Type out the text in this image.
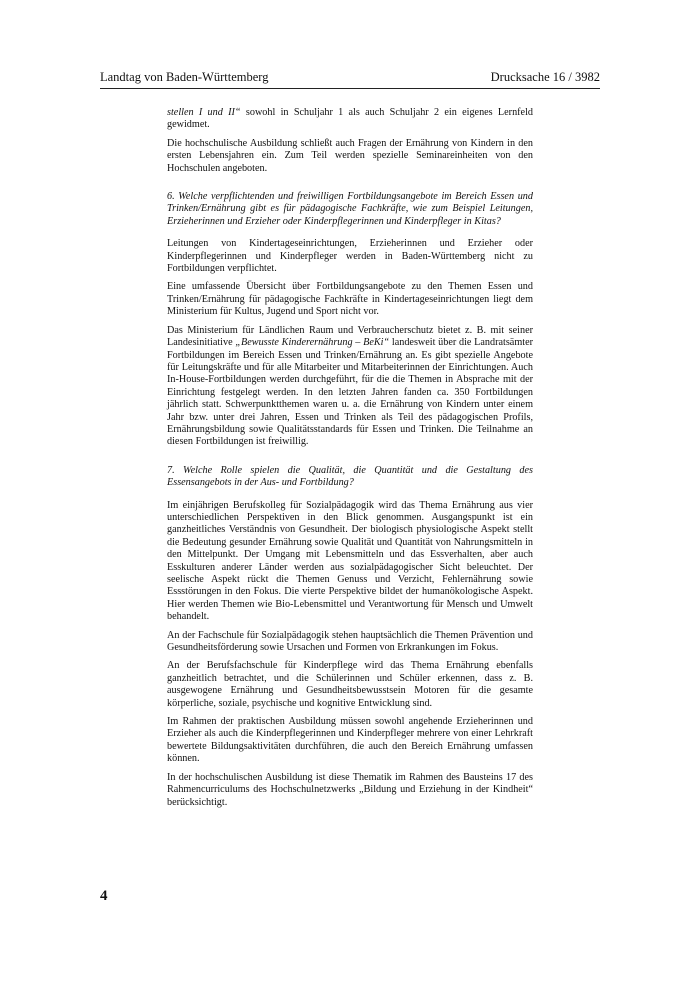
Landtag von Baden-Württemberg	Drucksache 16 / 3982

stellen I und II“ sowohl in Schuljahr 1 als auch Schuljahr 2 ein eigenes Lernfeld gewidmet.

Die hochschulische Ausbildung schließt auch Fragen der Ernährung von Kindern in den ersten Lebensjahren ein. Zum Teil werden spezielle Seminareinheiten von den Hochschulen angeboten.

6. Welche verpflichtenden und freiwilligen Fortbildungsangebote im Bereich Essen und Trinken/Ernährung gibt es für pädagogische Fachkräfte, wie zum Beispiel Leitungen, Erzieherinnen und Erzieher oder Kinderpflegerinnen und Kinderpfleger in Kitas?

Leitungen von Kindertageseinrichtungen, Erzieherinnen und Erzieher oder Kinderpflegerinnen und Kinderpfleger werden in Baden-Württemberg nicht zu Fortbildungen verpflichtet.

Eine umfassende Übersicht über Fortbildungsangebote zu den Themen Essen und Trinken/Ernährung für pädagogische Fachkräfte in Kindertageseinrichtungen liegt dem Ministerium für Kultus, Jugend und Sport nicht vor.

Das Ministerium für Ländlichen Raum und Verbraucherschutz bietet z. B. mit seiner Landesinitiative „Bewusste Kinderernährung – BeKi“ landesweit über die Landratsämter Fortbildungen im Bereich Essen und Trinken/Ernährung an. Es gibt spezielle Angebote für Leitungskräfte und für alle Mitarbeiter und Mitarbeiterinnen der Einrichtungen. Auch In-House-Fortbildungen werden durchgeführt, für die die Themen in Absprache mit der Einrichtung festgelegt werden. In den letzten Jahren fanden ca. 350 Fortbildungen jährlich statt. Schwerpunktthemen waren u. a. die Ernährung von Kindern unter einem Jahr bzw. unter drei Jahren, Essen und Trinken als Teil des pädagogischen Profils, Ernährungsbildung sowie Qualitätsstandards für Essen und Trinken. Die Teilnahme an diesen Fortbildungen ist freiwillig.

7. Welche Rolle spielen die Qualität, die Quantität und die Gestaltung des Essensangebots in der Aus- und Fortbildung?

Im einjährigen Berufskolleg für Sozialpädagogik wird das Thema Ernährung aus vier unterschiedlichen Perspektiven in den Blick genommen. Ausgangspunkt ist ein ganzheitliches Verständnis von Gesundheit. Der biologisch physiologische Aspekt stellt die Bedeutung gesunder Ernährung sowie Qualität und Quantität von Nahrungsmitteln in den Mittelpunkt. Der Umgang mit Lebensmitteln und das Essverhalten, aber auch Esskulturen anderer Länder werden aus sozialpädagogischer Sicht beleuchtet. Der seelische Aspekt rückt die Themen Genuss und Verzicht, Fehlernährung sowie Essstörungen in den Fokus. Die vierte Perspektive bildet der humanökologische Aspekt. Hier werden Themen wie Bio-Lebensmittel und Verantwortung für Mensch und Umwelt behandelt.

An der Fachschule für Sozialpädagogik stehen hauptsächlich die Themen Prävention und Gesundheitsförderung sowie Ursachen und Formen von Erkrankungen im Fokus.

An der Berufsfachschule für Kinderpflege wird das Thema Ernährung ebenfalls ganzheitlich betrachtet, und die Schülerinnen und Schüler erkennen, dass z. B. ausgewogene Ernährung und Gesundheitsbewusstsein Motoren für die gesamte körperliche, soziale, psychische und kognitive Entwicklung sind.

Im Rahmen der praktischen Ausbildung müssen sowohl angehende Erzieherinnen und Erzieher als auch die Kinderpflegerinnen und Kinderpfleger mehrere von einer Lehrkraft bewertete Bildungsaktivitäten durchführen, die auch den Bereich Ernährung umfassen können.

In der hochschulischen Ausbildung ist diese Thematik im Rahmen des Bausteins 17 des Rahmencurriculums des Hochschulnetzwerks „Bildung und Erziehung in der Kindheit“ berücksichtigt.

4
